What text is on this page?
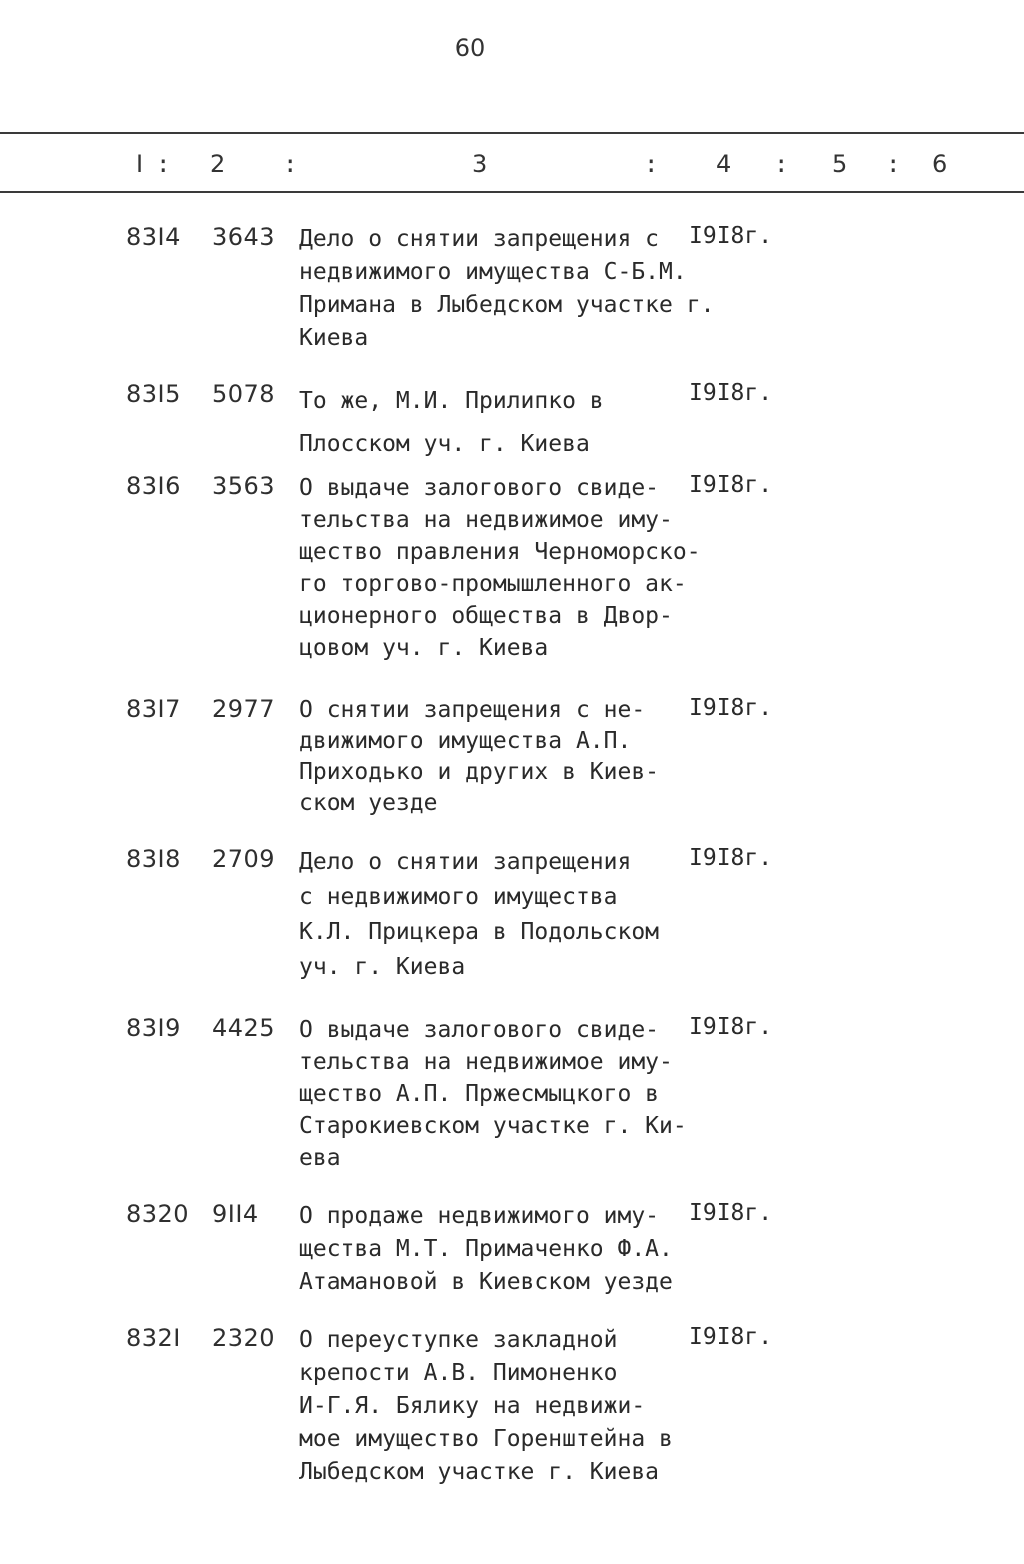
60
I : 2 :	3	: 4 : 5 : 6
83I4 3643 Дело о снятии запрещения с
недвижимого имущества С-Б.М.
Примана в Лыбедском участке г.
Киева
I9I8г.
83I5 5078 То же, М.И. Прилипко в
Плосском уч. г. Киева
I9I8г.
83I6 3563 О выдаче залогового свиде-
тельства на недвижимое иму-
щество правления Черноморско-
го торгово-промышленного ак-
ционерного общества в Двор-
цовом уч. г. Киева
I9I8г.
83I7 2977 О снятии запрещения с не-
движимого имущества А.П.
Приходько и других в Киев-
ском уезде
I9I8г.
83I8 2709 Дело о снятии запрещения
с недвижимого имущества
К.Л. Прицкера в Подольском
уч. г. Киева
I9I8г.
83I9 4425 О выдаче залогового свиде-
тельства на недвижимое иму-
щество А.П. Пржесмыцкого в
Старокиевском участке г. Ки-
ева
I9I8г.
8320 9II4 О продаже недвижимого иму-
щества М.Т. Примаченко Ф.А.
Атамановой в Киевском уезде
I9I8г.
832I 2320 О переуступке закладной
крепости А.В. Пимоненко
И-Г.Я. Бялику на недвижи-
мое имущество Горенштейна в
Лыбедском участке г. Киева
I9I8г.
